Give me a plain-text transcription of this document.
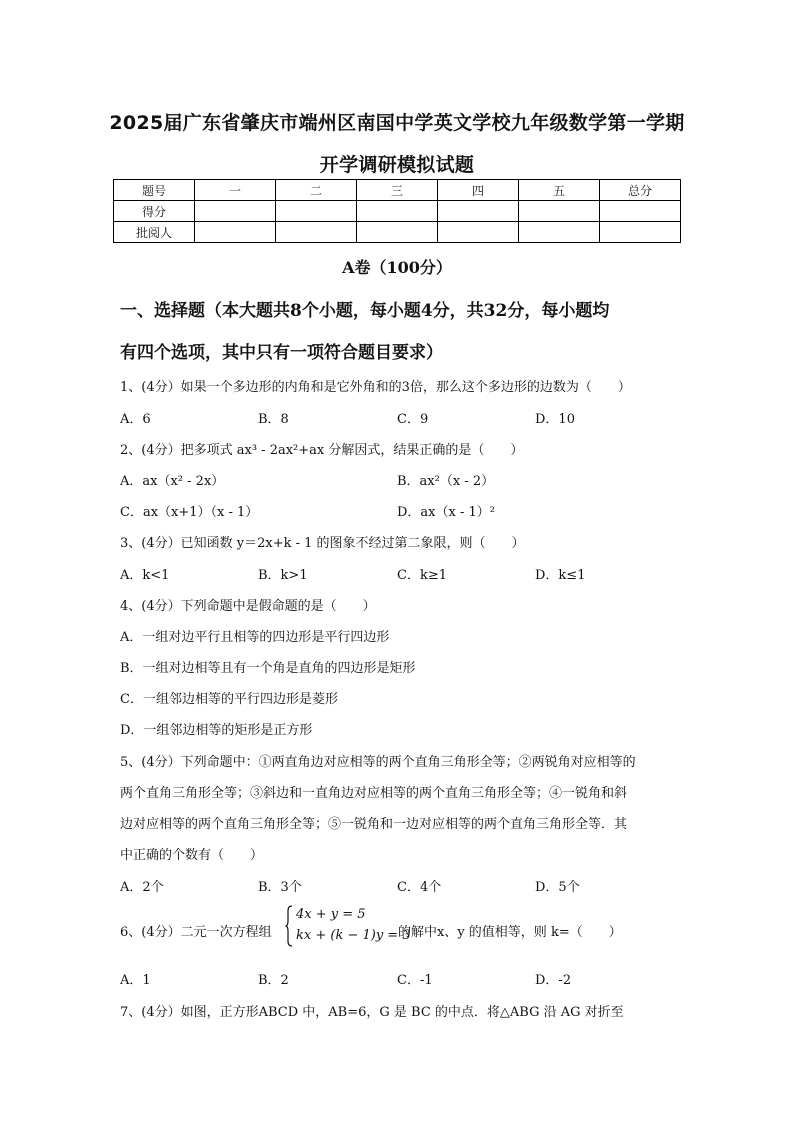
2025届广东省肇庆市端州区南国中学英文学校九年级数学第一学期
开学调研模拟试题
题号	一	二	三	四	五	总分
得分						
批阅人						
A卷（100分）
一、选择题（本大题共8个小题，每小题4分，共32分，每小题均
有四个选项，其中只有一项符合题目要求）
1、(4分）如果一个多边形的内角和是它外角和的3倍，那么这个多边形的边数为（　　）
A．6	B．8	C．9	D．10
2、(4分）把多项式 ax³ - 2ax²+ax 分解因式，结果正确的是（　　）
A．ax（x² - 2x）	B．ax²（x - 2）
C．ax（x+1）（x - 1）	D．ax（x - 1）²
3、(4分）已知函数 y＝2x+k - 1 的图象不经过第二象限，则（　　）
A．k<1	B．k>1	C．k≥1	D．k≤1
4、(4分）下列命题中是假命题的是（　　）
A．一组对边平行且相等的四边形是平行四边形
B．一组对边相等且有一个角是直角的四边形是矩形
C．一组邻边相等的平行四边形是菱形
D．一组邻边相等的矩形是正方形
5、(4分）下列命题中：①两直角边对应相等的两个直角三角形全等；②两锐角对应相等的
两个直角三角形全等；③斜边和一直角边对应相等的两个直角三角形全等；④一锐角和斜
边对应相等的两个直角三角形全等；⑤一锐角和一边对应相等的两个直角三角形全等．其
中正确的个数有（　　）
A．2个	B．3个	C．4个	D．5个
6、(4分）二元一次方程组
4x + y = 5
kx + (k − 1)y = 3
的解中x、y 的值相等，则 k=（　　）
A．1	B．2	C．-1	D．-2
7、(4分）如图，正方形ABCD 中，AB=6，G 是 BC 的中点．将△ABG 沿 AG 对折至
